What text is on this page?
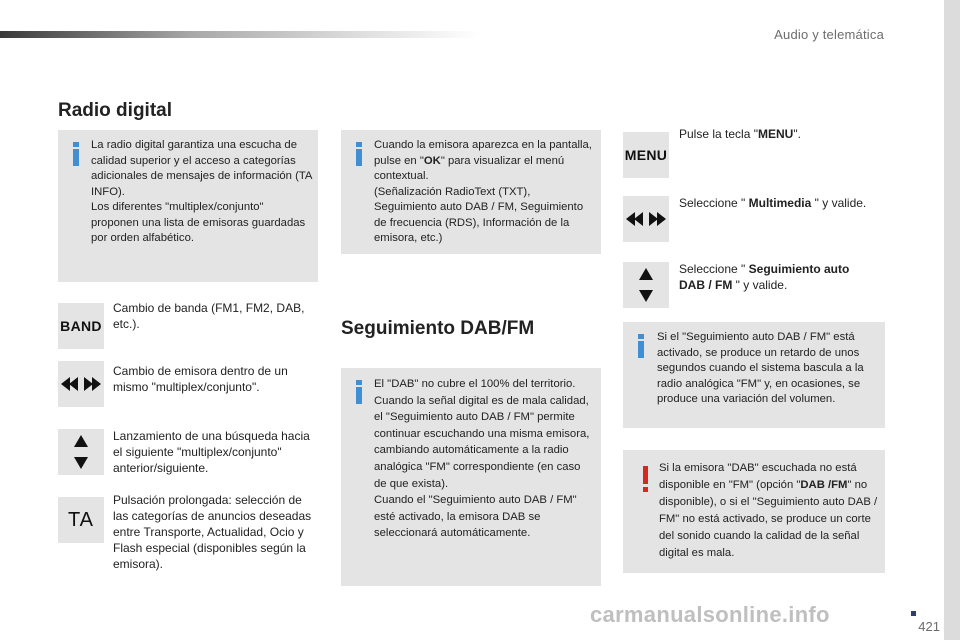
Audio y telemática
Radio digital
La radio digital garantiza una escucha de calidad superior y el acceso a categorías adicionales de mensajes de información (TA INFO).
Los diferentes "multiplex/conjunto" proponen una lista de emisoras guardadas por orden alfabético.
BAND
Cambio de banda (FM1, FM2, DAB, etc.).
Cambio de emisora dentro de un mismo "multiplex/conjunto".
Lanzamiento de una búsqueda hacia el siguiente "multiplex/conjunto" anterior/siguiente.
TA
Pulsación prolongada: selección de las categorías de anuncios deseadas entre Transporte, Actualidad, Ocio y Flash especial (disponibles según la emisora).
Cuando la emisora aparezca en la pantalla, pulse en "OK" para visualizar el menú contextual.
(Señalización RadioText (TXT), Seguimiento auto DAB / FM, Seguimiento de frecuencia (RDS), Información de la emisora, etc.)
Seguimiento DAB/FM
El "DAB" no cubre el 100% del territorio.
Cuando la señal digital es de mala calidad, el "Seguimiento auto DAB / FM" permite continuar escuchando una misma emisora, cambiando automáticamente a la radio analógica "FM" correspondiente (en caso de que exista).
Cuando el "Seguimiento auto DAB / FM" esté activado, la emisora DAB se seleccionará automáticamente.
MENU
Pulse la tecla "MENU".
Seleccione " Multimedia " y valide.
Seleccione " Seguimiento auto DAB / FM " y valide.
Si el "Seguimiento auto DAB / FM" está activado, se produce un retardo de unos segundos cuando el sistema bascula a la radio analógica "FM" y, en ocasiones, se produce una variación del volumen.
Si la emisora "DAB" escuchada no está disponible en "FM" (opción "DAB /FM" no disponible), o si el "Seguimiento auto DAB / FM" no está activado, se produce un corte del sonido cuando la calidad de la señal digital es mala.
421
carmanualsonline.info
